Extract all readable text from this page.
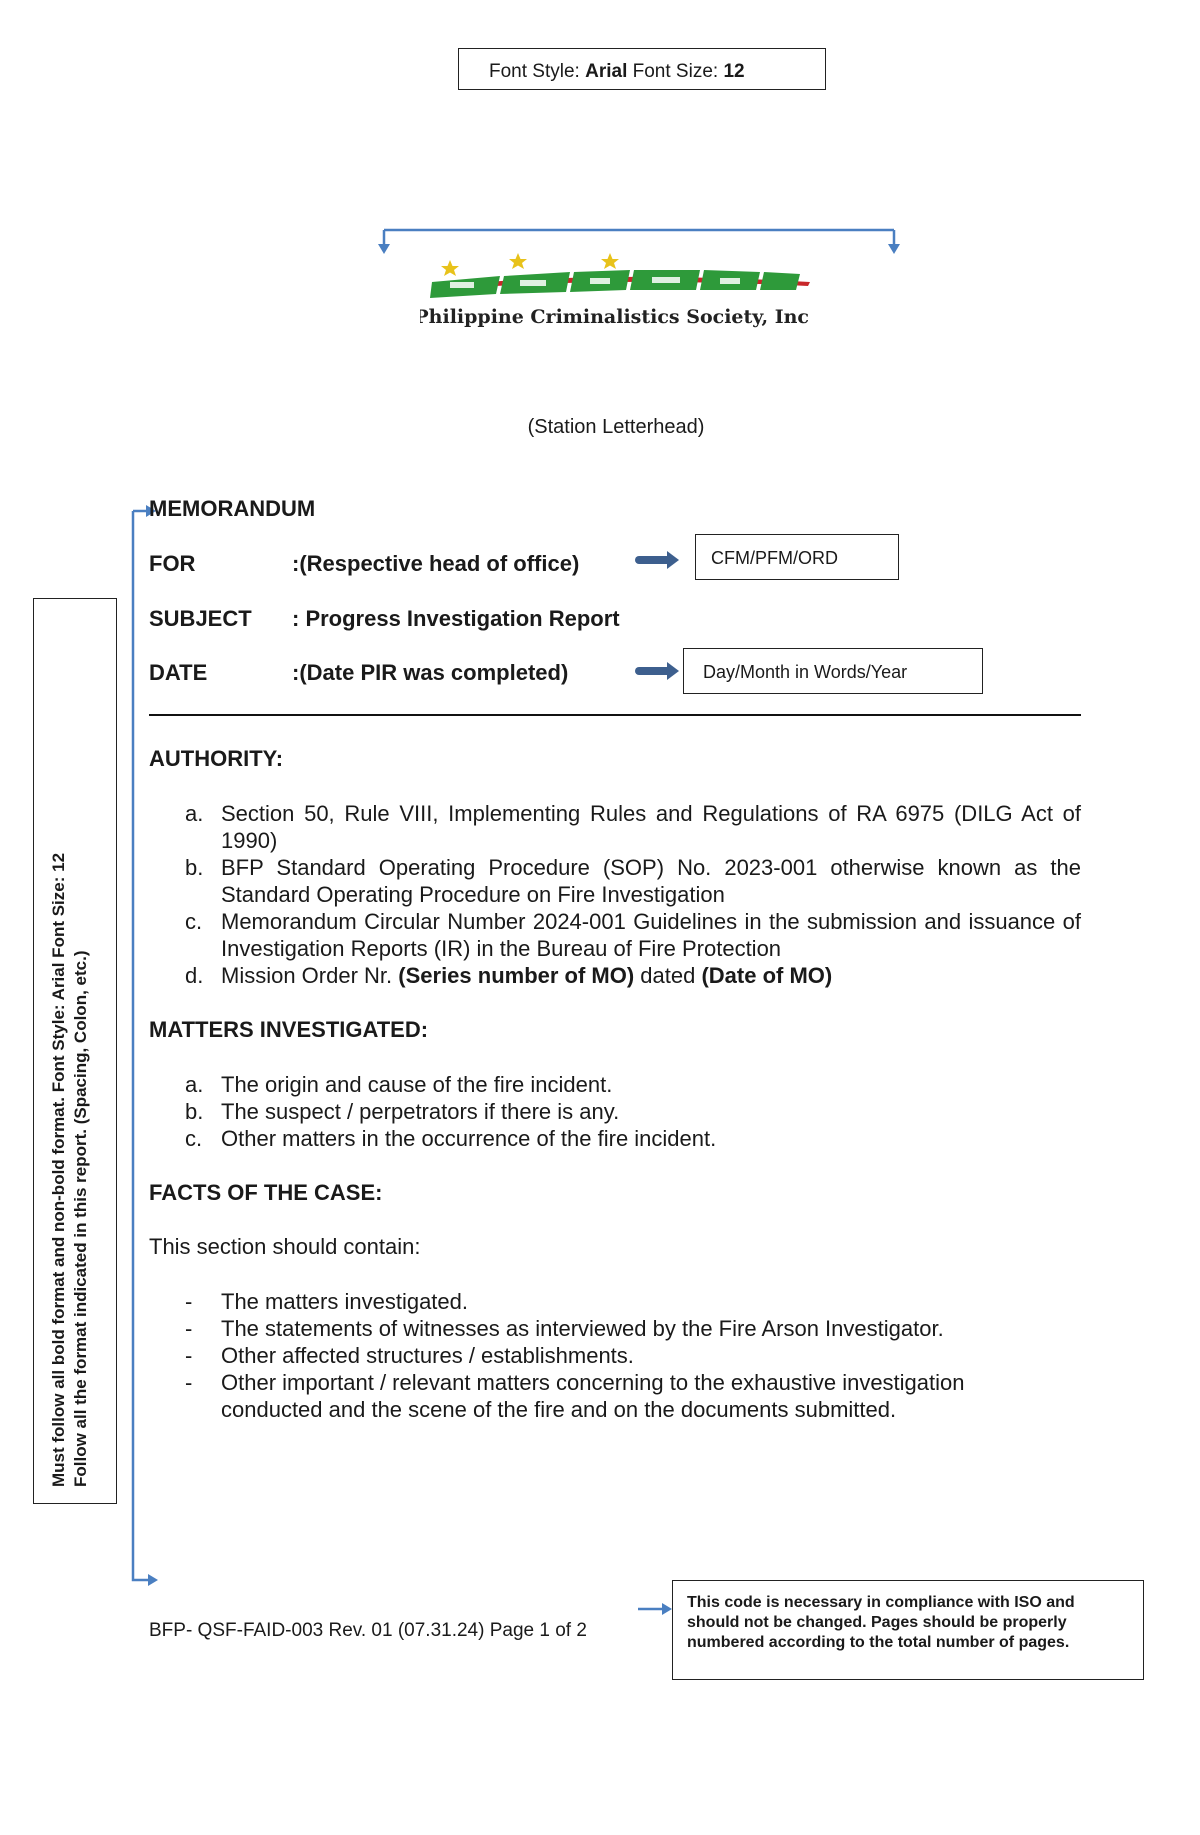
Font Style: Arial Font Size: 12
Philippine Criminalistics Society, Inc.
(Station Letterhead)
MEMORANDUM
FOR	:(Respective head of office)	CFM/PFM/ORD
SUBJECT : Progress Investigation Report
DATE	:(Date PIR was completed)	Day/Month in Words/Year
AUTHORITY:
a. Section 50, Rule VIII, Implementing Rules and Regulations of RA 6975 (DILG Act of 1990)
b. BFP Standard Operating Procedure (SOP) No. 2023-001 otherwise known as the Standard Operating Procedure on Fire Investigation
c. Memorandum Circular Number 2024-001 Guidelines in the submission and issuance of Investigation Reports (IR) in the Bureau of Fire Protection
d. Mission Order Nr. (Series number of MO) dated (Date of MO)
MATTERS INVESTIGATED:
a. The origin and cause of the fire incident.
b. The suspect / perpetrators if there is any.
c. Other matters in the occurrence of the fire incident.
FACTS OF THE CASE:
This section should contain:
- The matters investigated.
- The statements of witnesses as interviewed by the Fire Arson Investigator.
- Other affected structures / establishments.
- Other important / relevant matters concerning to the exhaustive investigation conducted and the scene of the fire and on the documents submitted.
Must follow all bold format and non-bold format. Font Style: Arial Font Size: 12 Follow all the format indicated in this report. (Spacing, Colon, etc.)
BFP- QSF-FAID-003 Rev. 01 (07.31.24) Page 1 of 2
This code is necessary in compliance with ISO and should not be changed. Pages should be properly numbered according to the total number of pages.
